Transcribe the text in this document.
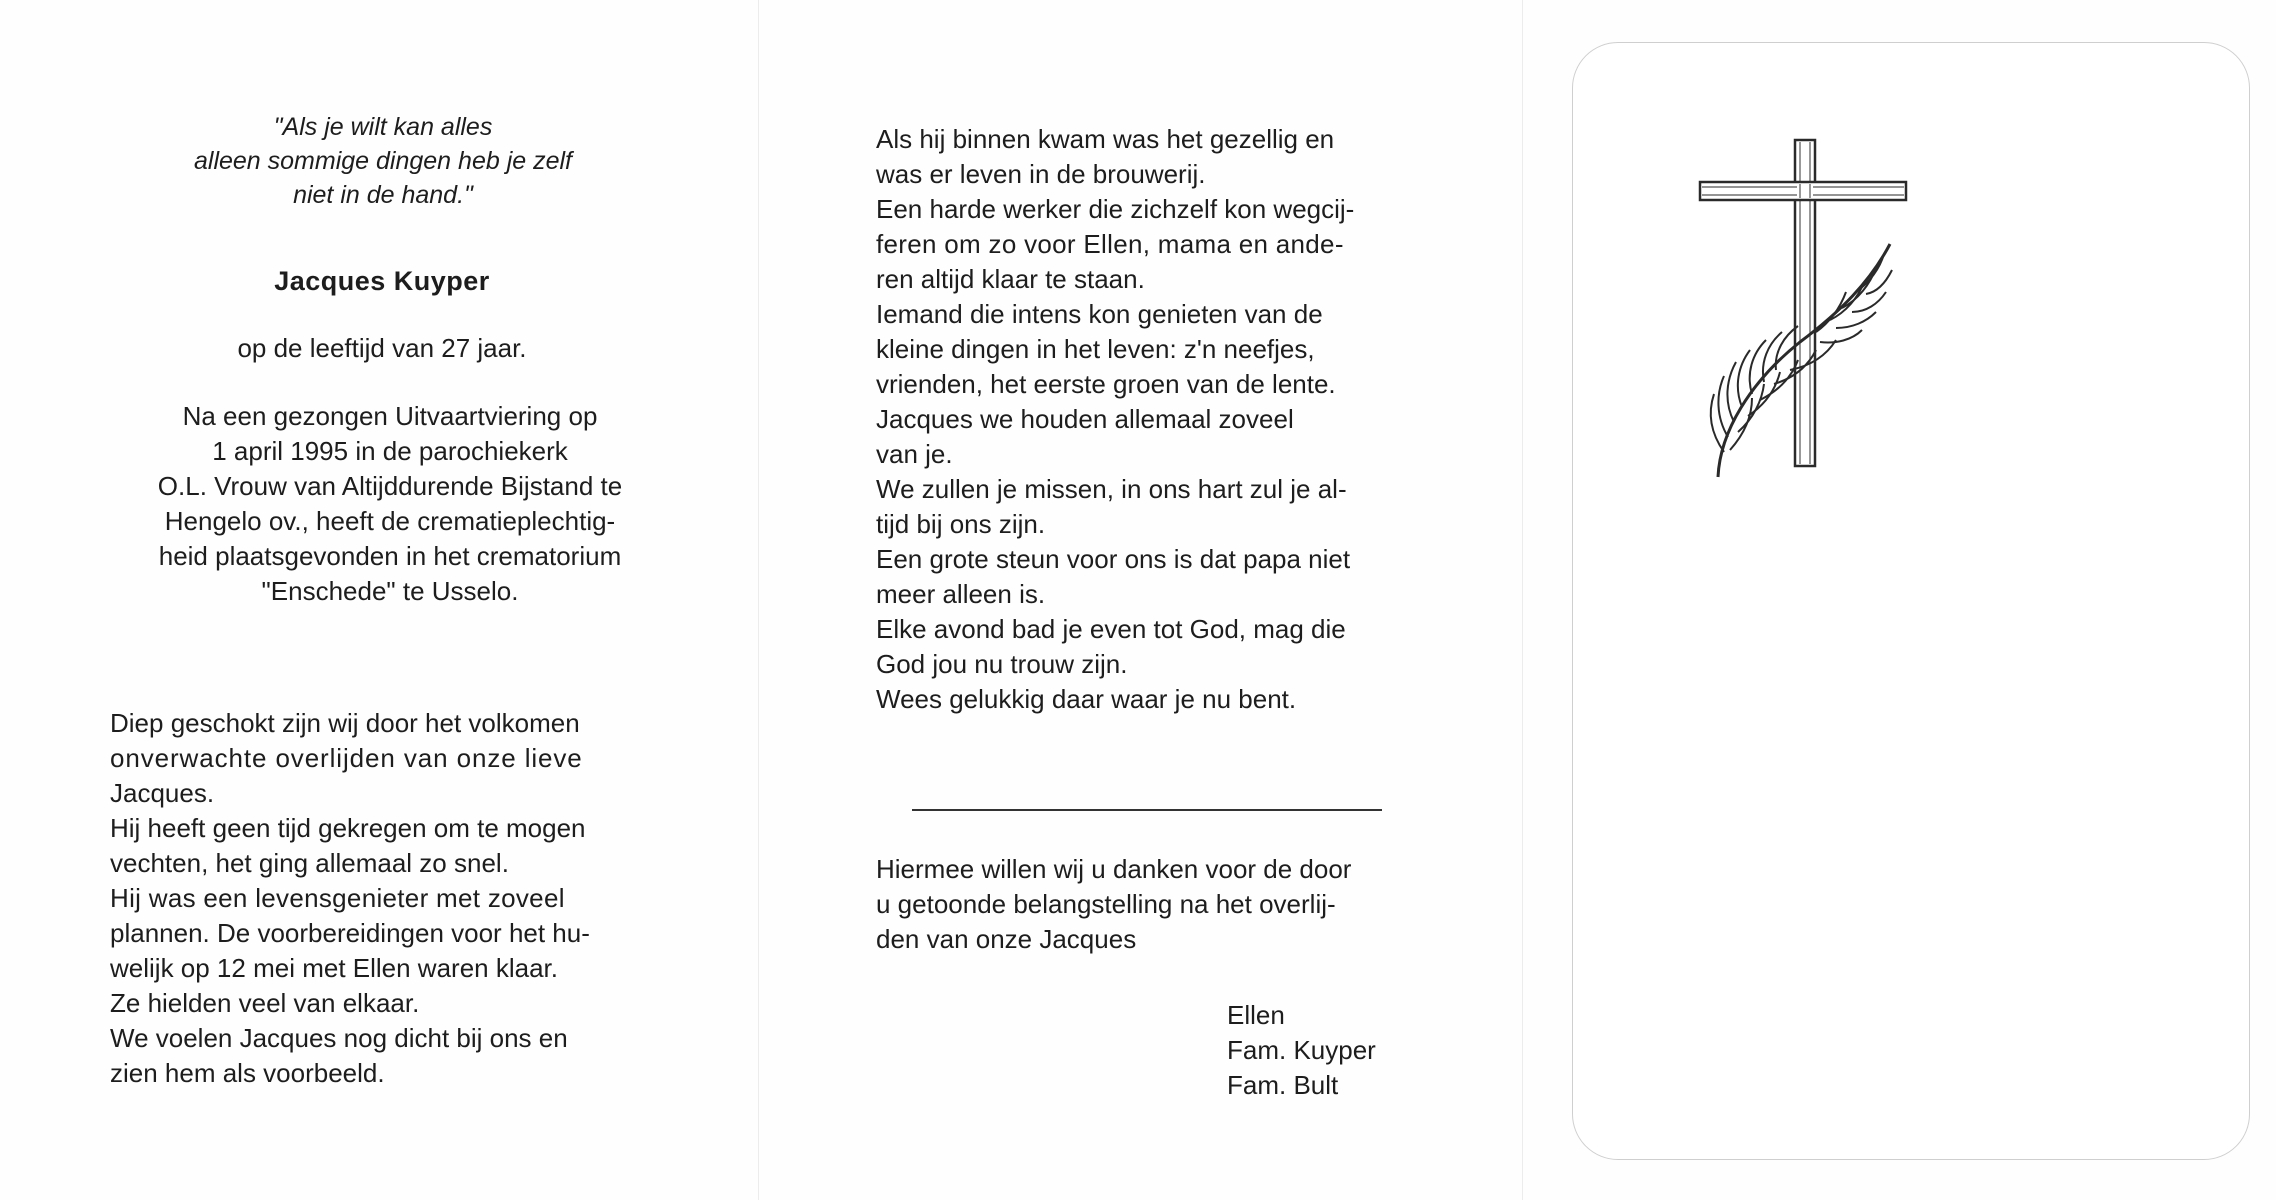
"Als je wilt kan alles
alleen sommige dingen heb je zelf
niet in de hand."
Jacques Kuyper
op de leeftijd van 27 jaar.
Na een gezongen Uitvaartviering op
1 april 1995 in de parochiekerk
O.L. Vrouw van Altijddurende Bijstand te
Hengelo ov., heeft de crematieplechtig-
heid plaatsgevonden in het crematorium
"Enschede" te Usselo.
Diep geschokt zijn wij door het volkomen
onverwachte overlijden van onze lieve
Jacques.
Hij heeft geen tijd gekregen om te mogen
vechten, het ging allemaal zo snel.
Hij was een levensgenieter met zoveel
plannen. De voorbereidingen voor het hu-
welijk op 12 mei met Ellen waren klaar.
Ze hielden veel van elkaar.
We voelen Jacques nog dicht bij ons en
zien hem als voorbeeld.
Als hij binnen kwam was het gezellig en
was er leven in de brouwerij.
Een harde werker die zichzelf kon wegcij-
feren om zo voor Ellen, mama en ande-
ren altijd klaar te staan.
Iemand die intens kon genieten van de
kleine dingen in het leven: z'n neefjes,
vrienden, het eerste groen van de lente.
Jacques we houden allemaal zoveel
van je.
We zullen je missen, in ons hart zul je al-
tijd bij ons zijn.
Een grote steun voor ons is dat papa niet
meer alleen is.
Elke avond bad je even tot God, mag die
God jou nu trouw zijn.
Wees gelukkig daar waar je nu bent.
Hiermee willen wij u danken voor de door
u getoonde belangstelling na het overlij-
den van onze Jacques
Ellen
Fam. Kuyper
Fam. Bult
